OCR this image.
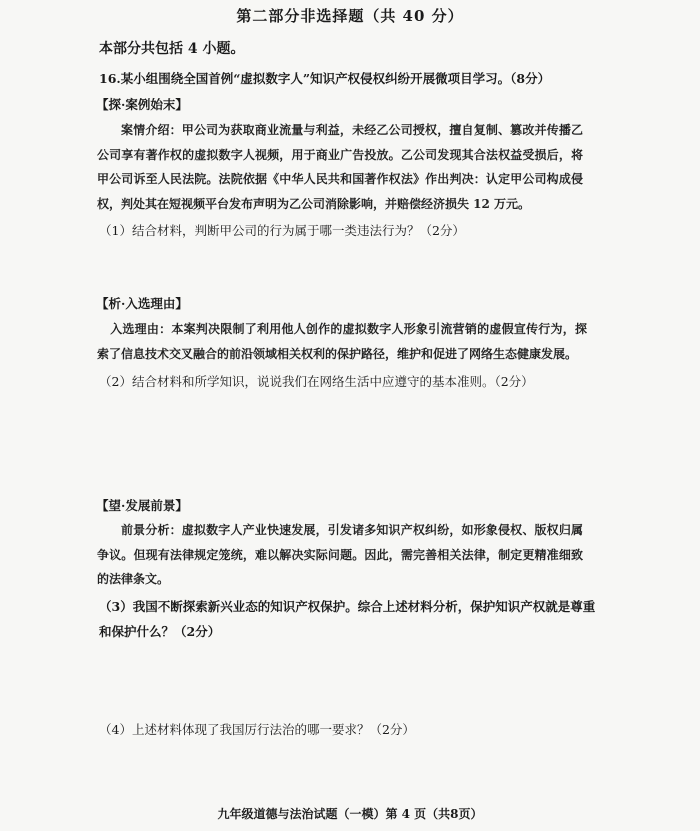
第二部分非选择题（共 40 分）
本部分共包括 4 小题。
16.某小组围绕全国首例“虚拟数字人”知识产权侵权纠纷开展微项目学习。（8分）
【探·案例始末】
案情介绍：甲公司为获取商业流量与利益，未经乙公司授权，擅自复制、篡改并传播乙公司享有著作权的虚拟数字人视频，用于商业广告投放。乙公司发现其合法权益受损后，将甲公司诉至人民法院。法院依据《中华人民共和国著作权法》作出判决：认定甲公司构成侵权，判处其在短视频平台发布声明为乙公司消除影响，并赔偿经济损失 12 万元。
（1）结合材料，判断甲公司的行为属于哪一类违法行为？（2分）
【析·入选理由】
入选理由：本案判决限制了利用他人创作的虚拟数字人形象引流营销的虚假宣传行为，探索了信息技术交叉融合的前沿领域相关权利的保护路径，维护和促进了网络生态健康发展。
（2）结合材料和所学知识，说说我们在网络生活中应遵守的基本准则。（2分）
【望·发展前景】
前景分析：虚拟数字人产业快速发展，引发诸多知识产权纠纷，如形象侵权、版权归属争议。但现有法律规定笼统，难以解决实际问题。因此，需完善相关法律，制定更精准细致的法律条文。
（3）我国不断探索新兴业态的知识产权保护。综合上述材料分析，保护知识产权就是尊重和保护什么？（2分）
（4）上述材料体现了我国厉行法治的哪一要求？（2分）
九年级道德与法治试题（一模）第 4 页（共8页）
